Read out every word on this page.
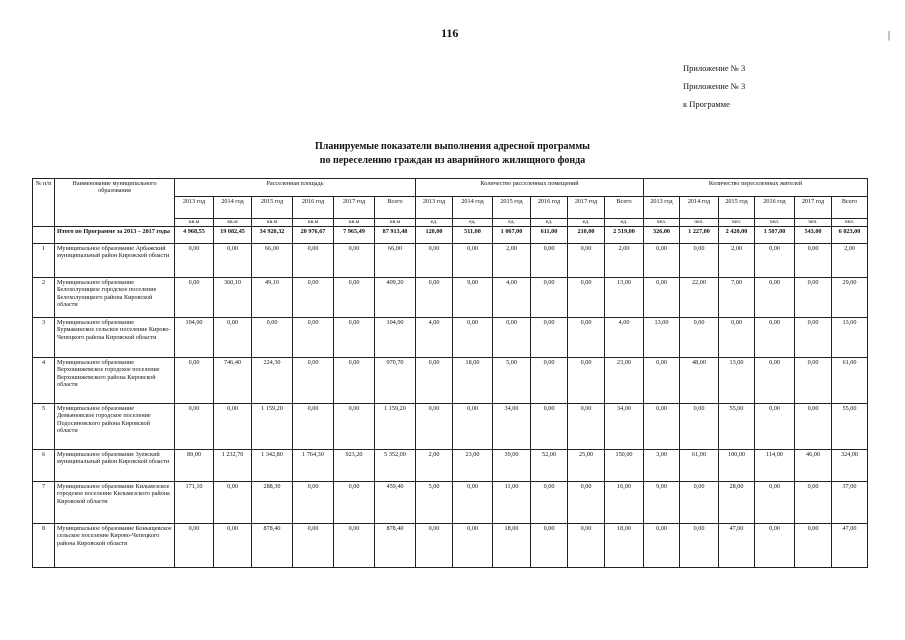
116	|
Приложение № 3
Приложение № 3
к Программе
Планируемые показатели выполнения адресной программы
по переселению граждан из аварийного жилищного фонда
№ п/п	Наименование муниципального образования	Расселенная площадь						Количество расселенных помещений						Количество переселенных жителей					
		2013 год	2014 год	2015 год	2016 год	2017 год	Всего	2013 год	2014 год	2015 год	2016 год	2017 год	Всего	2013 год	2014 год	2015 год	2016 год	2017 год	Всего
		кв.м	кв.м	кв.м	кв.м	кв.м	кв.м	ед.	ед.	ед.	ед.	ед.	ед.	чел.	чел.	чел.	чел.	чел.	чел.
	Итого по Программе за 2013 – 2017 годы	4 968,55	19 082,45	34 920,32	20 976,67	7 965,49	87 913,48	120,00	511,00	1 067,00	611,00	210,00	2 519,00	326,00	1 227,00	2 420,00	1 507,00	543,00	6 023,00
1	Муниципальное образование Арбажский муниципальный район Кировской области	0,00	0,00	66,00	0,00	0,00	66,00	0,00	0,00	2,00	0,00	0,00	2,00	0,00	0,00	2,00	0,00	0,00	2,00
2	Муниципальное образование Белохолуницкое городское поселение Белохолуницкого района Кировской области	0,00	360,10	49,10	0,00	0,00	409,20	0,00	9,00	4,00	0,00	0,00	13,00	0,00	22,00	7,00	0,00	0,00	29,00
3	Муниципальное образование Бурмакинское сельское поселение Кирово-Чепецкого района Кировской области	104,00	0,00	0,00	0,00	0,00	104,00	4,00	0,00	0,00	0,00	0,00	4,00	13,00	0,00	0,00	0,00	0,00	13,00
4	Муниципальное образование Верхошижемское городское поселение Верхошижемского района Кировской области	0,00	746,40	224,30	0,00	0,00	970,70	0,00	18,00	5,00	0,00	0,00	23,00	0,00	48,00	13,00	0,00	0,00	61,00
5	Муниципальное образование Демьяновское городское поселение Подосиновского района Кировской области	0,00	0,00	1 159,20	0,00	0,00	1 159,20	0,00	0,00	34,00	0,00	0,00	34,00	0,00	0,00	55,00	0,00	0,00	55,00
6	Муниципальное образование Зуевский муниципальный район Кировской области	89,00	1 232,70	1 342,80	1 764,30	923,20	5 352,00	2,00	23,00	39,00	52,00	25,00	150,00	3,00	61,00	100,00	114,00	46,00	324,00
7	Муниципальное образование Кильмезское городское поселение Кильмезского района Кировской области	171,10	0,00	288,30	0,00	0,00	459,40	5,00	0,00	11,00	0,00	0,00	16,00	9,00	0,00	28,00	0,00	0,00	37,00
8	Муниципальное образование Коныщевское сельское поселение Кирово-Чепецкого района Кировской области	0,00	0,00	878,40	0,00	0,00	878,40	0,00	0,00	18,00	0,00	0,00	18,00	0,00	0,00	47,00	0,00	0,00	47,00
